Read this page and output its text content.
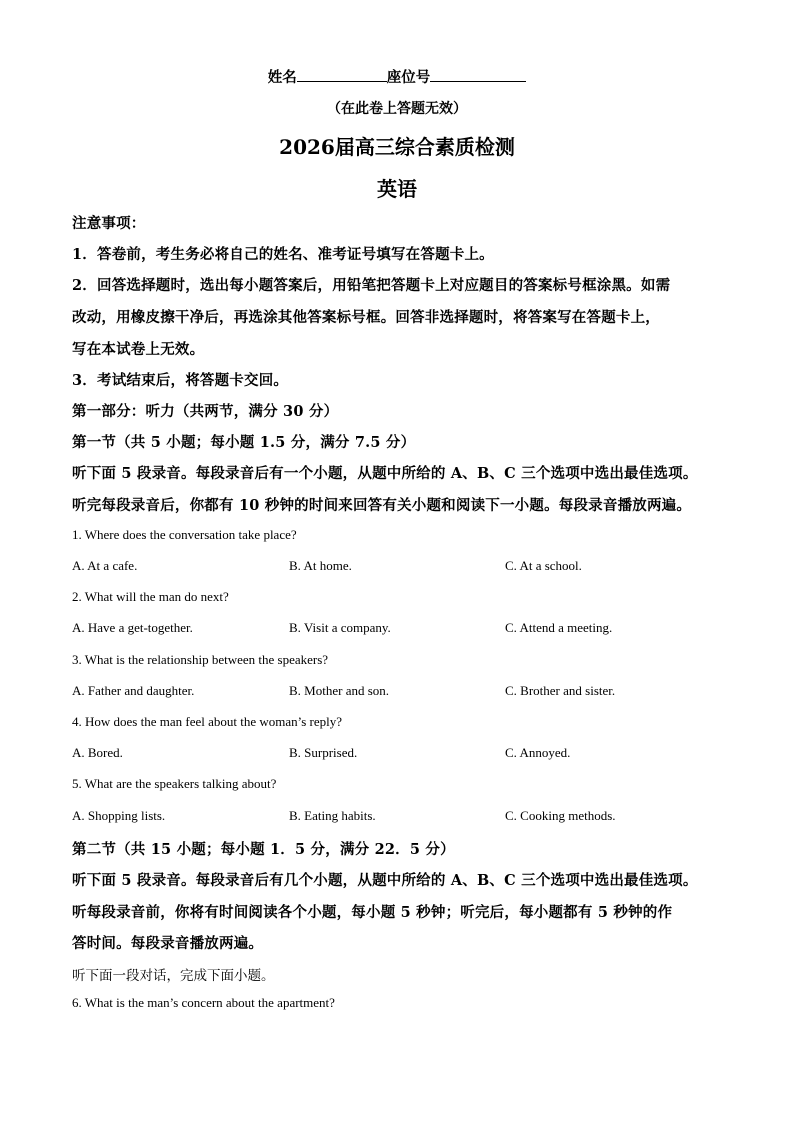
姓名	座位号
（在此卷上答题无效）
2026届高三综合素质检测
英语
注意事项：
1．答卷前，考生务必将自己的姓名、准考证号填写在答题卡上。
2．回答选择题时，选出每小题答案后，用铅笔把答题卡上对应题目的答案标号框涂黑。如需
改动，用橡皮擦干净后，再选涂其他答案标号框。回答非选择题时，将答案写在答题卡上，
写在本试卷上无效。
3．考试结束后，将答题卡交回。
第一部分：听力（共两节，满分 30 分）
第一节（共 5 小题；每小题 1.5 分，满分 7.5 分）
听下面 5 段录音。每段录音后有一个小题，从题中所给的 A、B、C 三个选项中选出最佳选项。
听完每段录音后，你都有 10 秒钟的时间来回答有关小题和阅读下一小题。每段录音播放两遍。
1. Where does the conversation take place?
A. At a cafe.	B. At home.	C. At a school.
2. What will the man do next?
A. Have a get-together.	B. Visit a company.	C. Attend a meeting.
3. What is the relationship between the speakers?
A. Father and daughter.	B. Mother and son.	C. Brother and sister.
4. How does the man feel about the woman’s reply?
A. Bored.	B. Surprised.	C. Annoyed.
5. What are the speakers talking about?
A. Shopping lists.	B. Eating habits.	C. Cooking methods.
第二节（共 15 小题；每小题 1．5 分，满分 22．5 分）
听下面 5 段录音。每段录音后有几个小题，从题中所给的 A、B、C 三个选项中选出最佳选项。
听每段录音前，你将有时间阅读各个小题，每小题 5 秒钟；听完后，每小题都有 5 秒钟的作
答时间。每段录音播放两遍。
听下面一段对话，完成下面小题。
6. What is the man’s concern about the apartment?
